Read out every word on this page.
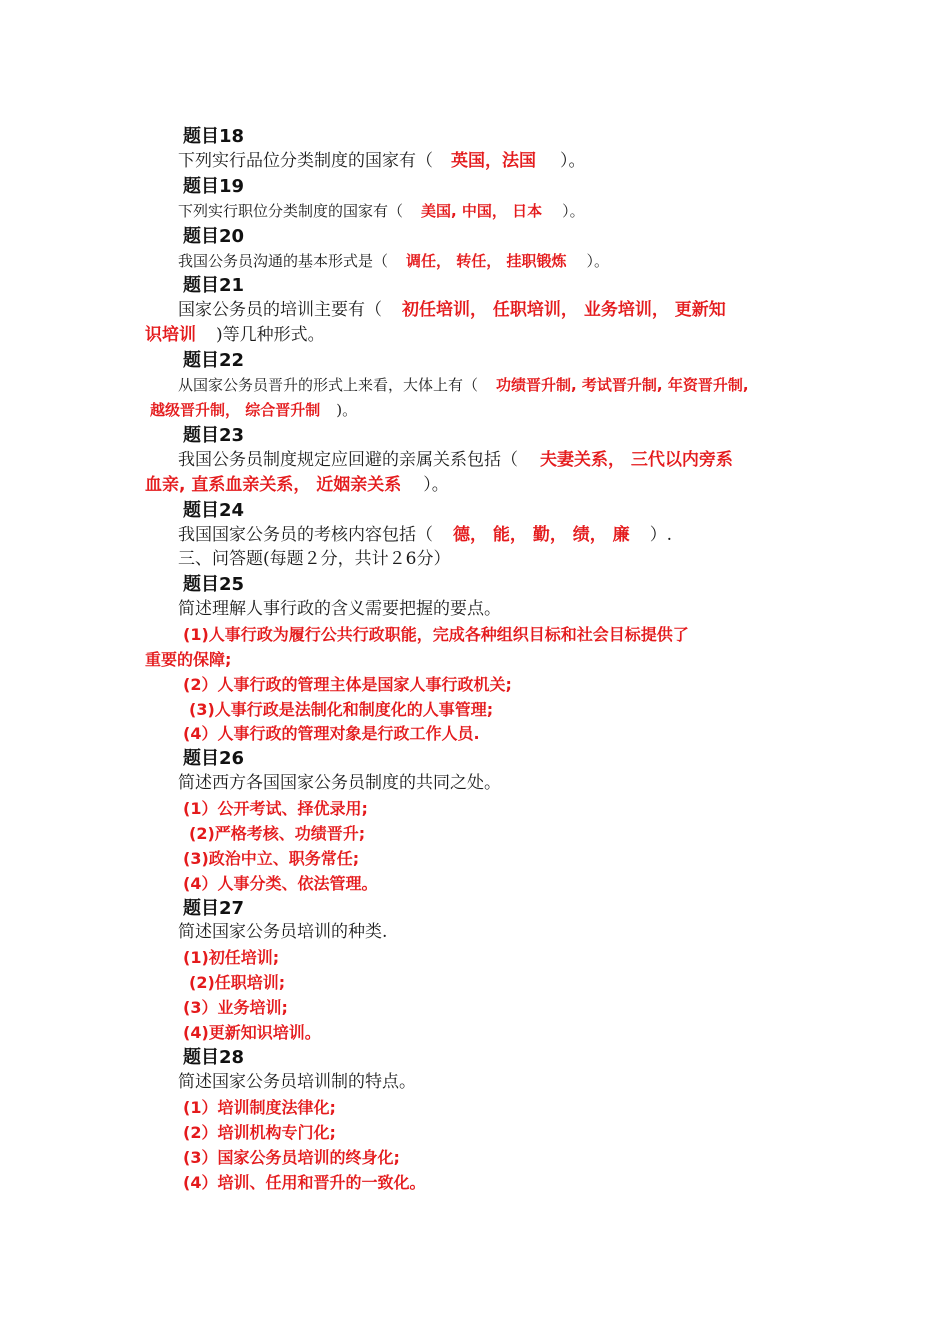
题目18
下列实行品位分类制度的国家有（ 英国，法国 ）。
题目19
下列实行职位分类制度的国家有（ 美国, 中国， 日本 ）。
题目20
我国公务员沟通的基本形式是（ 调任， 转任， 挂职锻炼 ）。
题目21
国家公务员的培训主要有（ 初任培训， 任职培训， 业务培训， 更新知
识培训 )等几种形式。
题目22
从国家公务员晋升的形式上来看，大体上有（ 功绩晋升制, 考试晋升制, 年资晋升制,
越级晋升制， 综合晋升制 )。
题目23
我国公务员制度规定应回避的亲属关系包括（ 夫妻关系， 三代以内旁系
血亲, 直系血亲关系， 近姻亲关系 ）。
题目24
我国国家公务员的考核内容包括（ 德， 能， 勤， 绩， 廉 ）.
三、问答题(每题２分，共计２6分）
题目25
简述理解人事行政的含义需要把握的要点。
(1)人事行政为履行公共行政职能，完成各种组织目标和社会目标提供了
重要的保障;
(2）人事行政的管理主体是国家人事行政机关;
(3)人事行政是法制化和制度化的人事管理;
(4）人事行政的管理对象是行政工作人员.
题目26
简述西方各国国家公务员制度的共同之处。
(1）公开考试、择优录用;
(2)严格考核、功绩晋升;
(3)政治中立、职务常任;
(4）人事分类、依法管理。
题目27
简述国家公务员培训的种类.
(1)初任培训;
(2)任职培训;
(3）业务培训;
(4)更新知识培训。
题目28
简述国家公务员培训制的特点。
(1）培训制度法律化;
(2）培训机构专门化;
(3）国家公务员培训的终身化;
(4）培训、任用和晋升的一致化。
